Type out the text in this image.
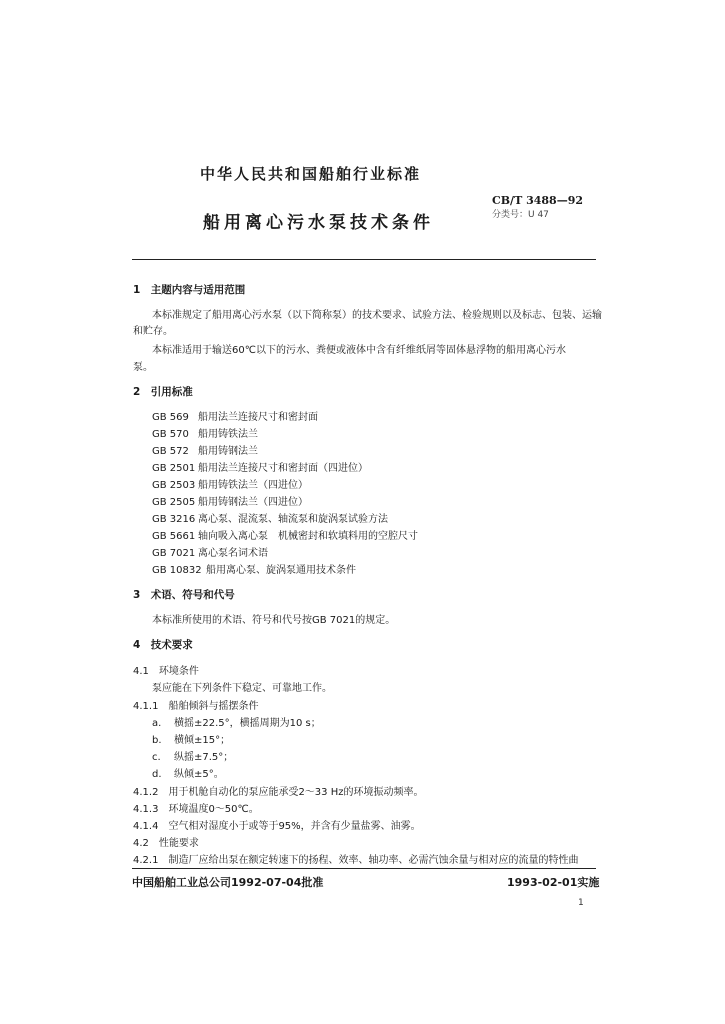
中华人民共和国船舶行业标准
船用离心污水泵技术条件
CB/T 3488—92
分类号：U 47
1　主题内容与适用范围
本标准规定了船用离心污水泵（以下简称泵）的技术要求、试验方法、检验规则以及标志、包装、运输
和贮存。
本标准适用于输送60℃以下的污水、粪便或液体中含有纤维纸屑等固体悬浮物的船用离心污水
泵。
2　引用标准
GB 569 船用法兰连接尺寸和密封面
GB 570 船用铸铁法兰
GB 572 船用铸钢法兰
GB 2501 船用法兰连接尺寸和密封面（四进位）
GB 2503 船用铸铁法兰（四进位）
GB 2505 船用铸钢法兰（四进位）
GB 3216 离心泵、混流泵、轴流泵和旋涡泵试验方法
GB 5661 轴向吸入离心泵　机械密封和软填料用的空腔尺寸
GB 7021 离心泵名词术语
GB 10832 船用离心泵、旋涡泵通用技术条件
3　术语、符号和代号
本标准所使用的术语、符号和代号按GB 7021的规定。
4　技术要求
4.1　环境条件
泵应能在下列条件下稳定、可靠地工作。
4.1.1　船舶倾斜与摇摆条件
a. 横摇±22.5°，横摇周期为10 s；
b. 横倾±15°；
c. 纵摇±7.5°；
d. 纵倾±5°。
4.1.2　用于机舱自动化的泵应能承受2～33 Hz的环境振动频率。
4.1.3　环境温度0～50℃。
4.1.4　空气相对湿度小于或等于95%，并含有少量盐雾、油雾。
4.2　性能要求
4.2.1　制造厂应给出泵在额定转速下的扬程、效率、轴功率、必需汽蚀余量与相对应的流量的特性曲
中国船舶工业总公司1992-07-04批准	1993-02-01实施
1
